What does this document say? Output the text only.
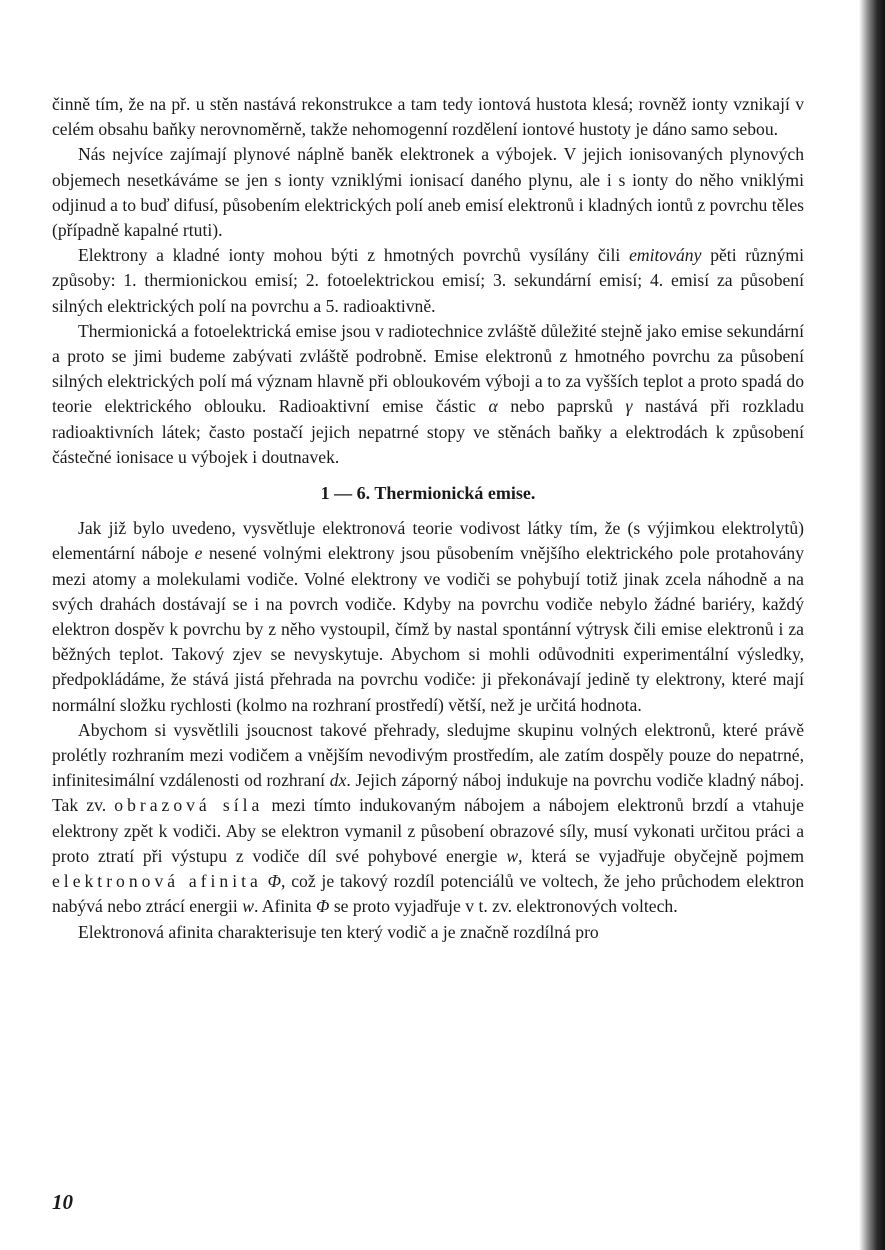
činně tím, že na př. u stěn nastává rekonstrukce a tam tedy iontová hustota klesá; rovněž ionty vznikají v celém obsahu baňky nerovnoměrně, takže nehomogenní rozdělení iontové hustoty je dáno samo sebou.

Nás nejvíce zajímají plynové náplně baněk elektronek a výbojek. V jejich ionisovaných plynových objemech nesetkáváme se jen s ionty vzniklými ionisací daného plynu, ale i s ionty do něho vniklými odjinud a to buď difusí, působením elektrických polí aneb emisí elektronů i kladných iontů z povrchu těles (případně kapalné rtuti).

Elektrony a kladné ionty mohou býti z hmotných povrchů vysílány čili emitovány pěti různými způsoby: 1. thermionickou emisí; 2. fotoelektrickou emisí; 3. sekundární emisí; 4. emisí za působení silných elektrických polí na povrchu a 5. radioaktivně.

Thermionická a fotoelektrická emise jsou v radiotechnice zvláště důležité stejně jako emise sekundární a proto se jimi budeme zabývati zvláště podrobně. Emise elektronů z hmotného povrchu za působení silných elektrických polí má význam hlavně při obloukovém výboji a to za vyšších teplot a proto spadá do teorie elektrického oblouku. Radioaktivní emise částic α nebo paprsků γ nastává při rozkladu radioaktivních látek; často postačí jejich nepatrné stopy ve stěnách baňky a elektrodách k způsobení částečné ionisace u výbojek i doutnavek.

1 — 6. Thermionická emise.

Jak již bylo uvedeno, vysvětluje elektronová teorie vodivost látky tím, že (s výjimkou elektrolytů) elementární náboje e nesené volnými elektrony jsou působením vnějšího elektrického pole protahovány mezi atomy a molekulami vodiče. Volné elektrony ve vodiči se pohybují totiž jinak zcela náhodně a na svých drahách dostávají se i na povrch vodiče. Kdyby na povrchu vodiče nebylo žádné bariéry, každý elektron dospěv k povrchu by z něho vystoupil, čímž by nastal spontánní výtrysk čili emise elektronů i za běžných teplot. Takový zjev se nevyskytuje. Abychom si mohli odůvodniti experimentální výsledky, předpokládáme, že stává jistá přehrada na povrchu vodiče: ji překonávají jedině ty elektrony, které mají normální složku rychlosti (kolmo na rozhraní prostředí) větší, než je určitá hodnota.

Abychom si vysvětlili jsoucnost takové přehrady, sledujme skupinu volných elektronů, které právě prolétly rozhraním mezi vodičem a vnějším nevodivým prostředím, ale zatím dospěly pouze do nepatrné, infinitesimální vzdálenosti od rozhraní dx. Jejich záporný náboj indukuje na povrchu vodiče kladný náboj. Tak zv. obrazová síla mezi tímto indukovaným nábojem a nábojem elektronů brzdí a vtahuje elektrony zpět k vodiči. Aby se elektron vymanil z působení obrazové síly, musí vykonati určitou práci a proto ztratí při výstupu z vodiče díl své pohybové energie w, která se vyjadřuje obyčejně pojmem elektronová afinita Φ, což je takový rozdíl potenciálů ve voltech, že jeho průchodem elektron nabývá nebo ztrácí energii w. Afinita Φ se proto vyjadřuje v t. zv. elektronových voltech.

Elektronová afinita charakterisuje ten který vodič a je značně rozdílná pro

10
